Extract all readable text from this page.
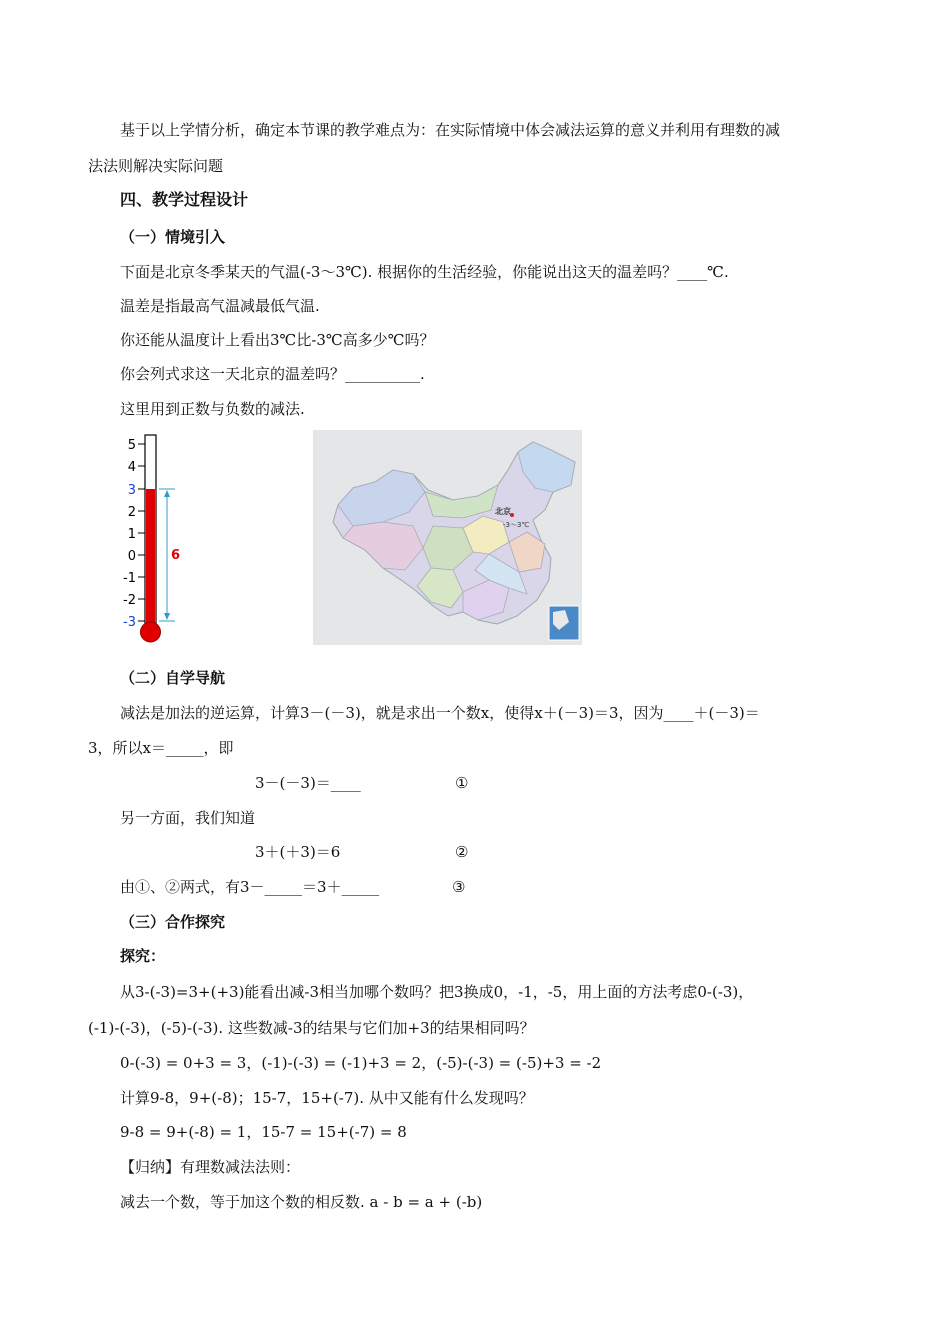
基于以上学情分析，确定本节课的教学难点为：在实际情境中体会减法运算的意义并利用有理数的减
法法则解决实际问题
四、教学过程设计
（一）情境引入
下面是北京冬季某天的气温(-3～3℃). 根据你的生活经验，你能说出这天的温差吗？____℃.
温差是指最高气温减最低气温.
你还能从温度计上看出3℃比-3℃高多少℃吗？
你会列式求这一天北京的温差吗？__________.
这里用到正数与负数的减法.
5
4
3
2
1
0
-1
-2
-3
6
北京
-3～3℃
（二）自学导航
减法是加法的逆运算，计算3－(－3)，就是求出一个数x，使得x＋(－3)＝3，因为____＋(－3)＝
3，所以x＝_____，即
3－(－3)＝____	①
另一方面，我们知道
3＋(＋3)＝6	②
由①、②两式，有3－_____＝3＋_____	③
（三）合作探究
探究：
从3-(-3)=3+(+3)能看出减-3相当加哪个数吗？把3换成0，-1，-5，用上面的方法考虑0-(-3)，
(-1)-(-3)，(-5)-(-3). 这些数减-3的结果与它们加+3的结果相同吗？
0-(-3) = 0+3 = 3，(-1)-(-3) = (-1)+3 = 2，(-5)-(-3) = (-5)+3 = -2
计算9-8，9+(-8)；15-7，15+(-7). 从中又能有什么发现吗？
9-8 = 9+(-8) = 1，15-7 = 15+(-7) = 8
【归纳】有理数减法法则：
减去一个数，等于加这个数的相反数. a - b = a + (-b)
